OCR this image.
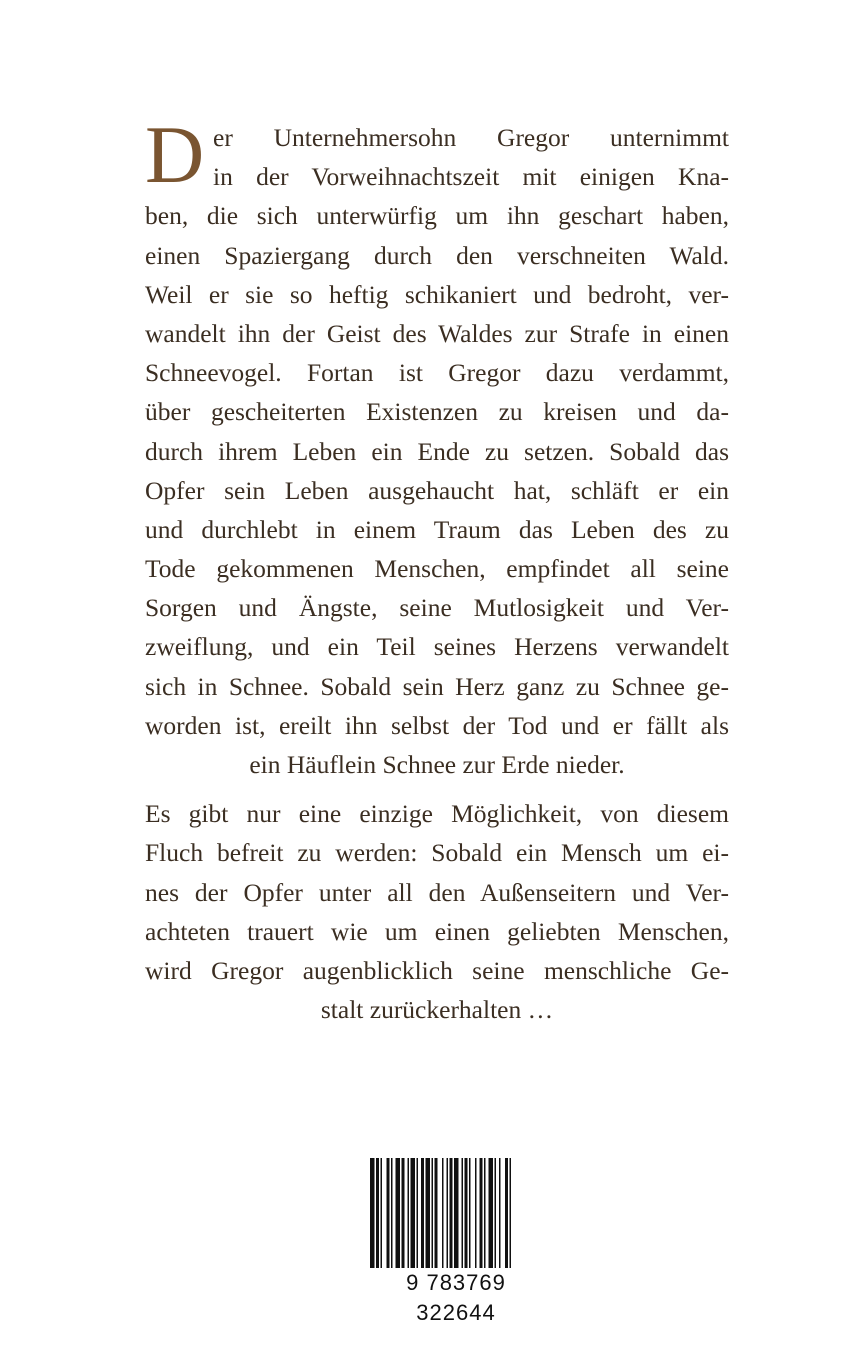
D er Unternehmersohn Gregor unternimmt
in der Vorweihnachtszeit mit einigen Kna-
ben, die sich unterwürfig um ihn geschart haben,
einen Spaziergang durch den verschneiten Wald.
Weil er sie so heftig schikaniert und bedroht, ver-
wandelt ihn der Geist des Waldes zur Strafe in einen
Schneevogel. Fortan ist Gregor dazu verdammt,
über gescheiterten Existenzen zu kreisen und da-
durch ihrem Leben ein Ende zu setzen. Sobald das
Opfer sein Leben ausgehaucht hat, schläft er ein
und durchlebt in einem Traum das Leben des zu
Tode gekommenen Menschen, empfindet all seine
Sorgen und Ängste, seine Mutlosigkeit und Ver-
zweiflung, und ein Teil seines Herzens verwandelt
sich in Schnee. Sobald sein Herz ganz zu Schnee ge-
worden ist, ereilt ihn selbst der Tod und er fällt als
ein Häuflein Schnee zur Erde nieder.
Es gibt nur eine einzige Möglichkeit, von diesem
Fluch befreit zu werden: Sobald ein Mensch um ei-
nes der Opfer unter all den Außenseitern und Ver-
achteten trauert wie um einen geliebten Menschen,
wird Gregor augenblicklich seine menschliche Ge-
stalt zurückerhalten …
9 783769 322644
